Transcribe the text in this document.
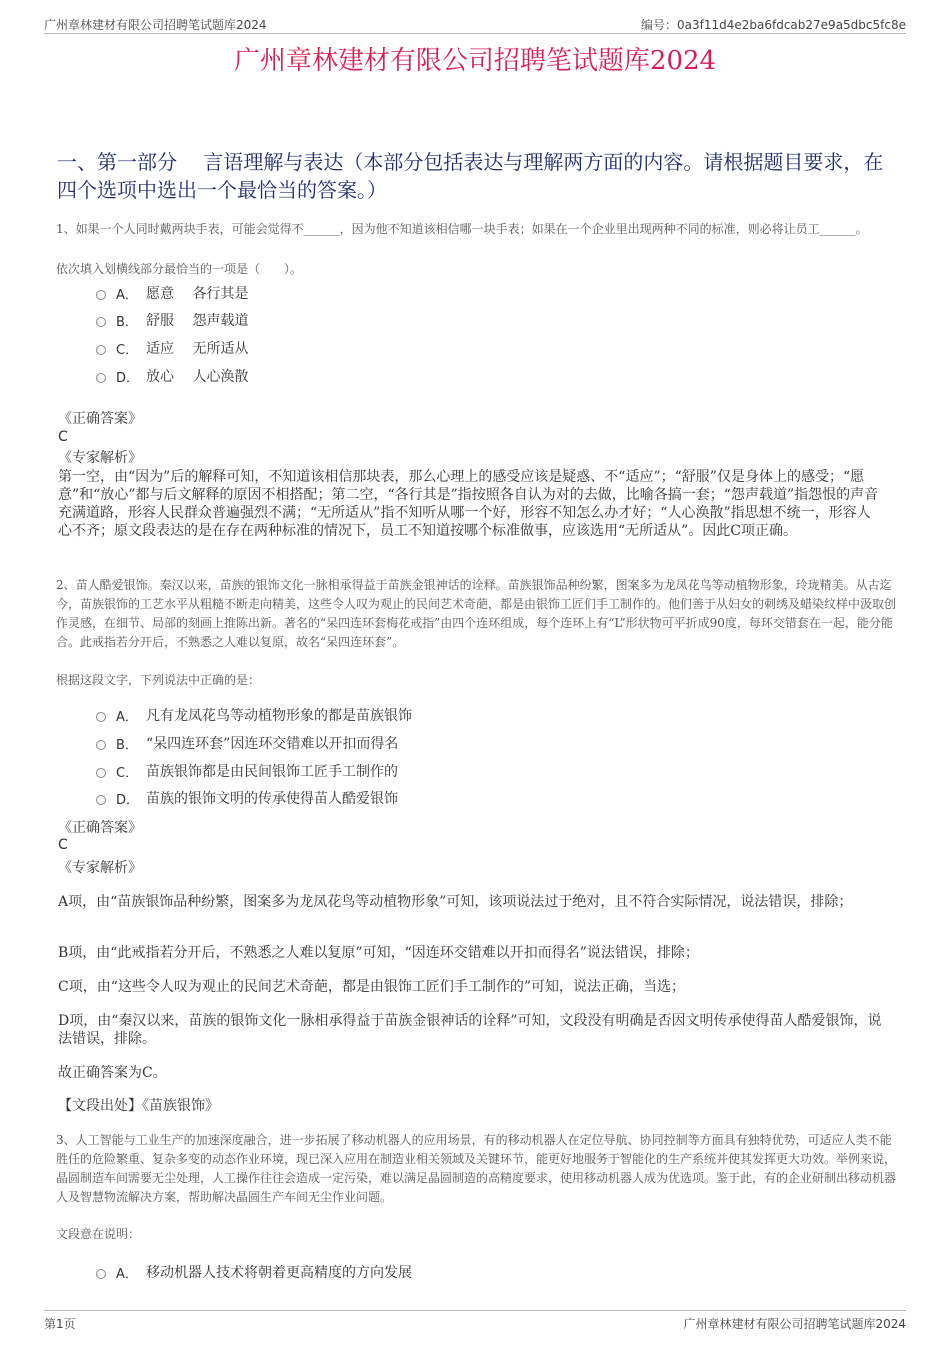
广州章林建材有限公司招聘笔试题库2024	编号：0a3f11d4e2ba6fdcab27e9a5dbc5fc8e
广州章林建材有限公司招聘笔试题库2024
一、第一部分　 言语理解与表达（本部分包括表达与理解两方面的内容。请根据题目要求，在四个选项中选出一个最恰当的答案。）
1、如果一个人同时戴两块手表，可能会觉得不______，因为他不知道该相信哪一块手表；如果在一个企业里出现两种不同的标准，则必将让员工______。
依次填入划横线部分最恰当的一项是（　　）。
A． 愿意　 各行其是
B． 舒服　 怨声载道
C． 适应　 无所适从
D． 放心　 人心涣散
《正确答案》
C
《专家解析》
第一空，由“因为”后的解释可知，不知道该相信那块表，那么心理上的感受应该是疑惑、不“适应”；“舒服”仅是身体上的感受；“愿意”和“放心”都与后文解释的原因不相搭配；第二空，“各行其是”指按照各自认为对的去做，比喻各搞一套；“怨声载道”指怨恨的声音充满道路，形容人民群众普遍强烈不满；“无所适从”指不知听从哪一个好，形容不知怎么办才好；“人心涣散”指思想不统一，形容人心不齐；原文段表达的是在存在两种标准的情况下，员工不知道按哪个标准做事，应该选用“无所适从”。因此C项正确。
2、苗人酷爱银饰。秦汉以来，苗族的银饰文化一脉相承得益于苗族金银神话的诠释。苗族银饰品种纷繁，图案多为龙凤花鸟等动植物形象，玲珑精美。从古迄今，苗族银饰的工艺水平从粗糙不断走向精美，这些令人叹为观止的民间艺术奇葩，都是由银饰工匠们手工制作的。他们善于从妇女的刺绣及蜡染纹样中汲取创作灵感，在细节、局部的刻画上推陈出新。著名的“呆四连环套梅花戒指”由四个连环组成，每个连环上有“L”形状物可平折成90度，每环交错套在一起，能分能合。此戒指若分开后，不熟悉之人难以复原，故名“呆四连环套”。
根据这段文字，下列说法中正确的是：
A． 凡有龙凤花鸟等动植物形象的都是苗族银饰
B． “呆四连环套”因连环交错难以开扣而得名
C． 苗族银饰都是由民间银饰工匠手工制作的
D． 苗族的银饰文明的传承使得苗人酷爱银饰
《正确答案》
C
《专家解析》
A项，由“苗族银饰品种纷繁，图案多为龙凤花鸟等动植物形象”可知，该项说法过于绝对，且不符合实际情况，说法错误，排除；
B项，由“此戒指若分开后，不熟悉之人难以复原”可知，“因连环交错难以开扣而得名”说法错误，排除；
C项，由“这些令人叹为观止的民间艺术奇葩，都是由银饰工匠们手工制作的”可知，说法正确，当选；
D项，由“秦汉以来，苗族的银饰文化一脉相承得益于苗族金银神话的诠释”可知，文段没有明确是否因文明传承使得苗人酷爱银饰，说法错误，排除。
故正确答案为C。
【文段出处】《苗族银饰》
3、人工智能与工业生产的加速深度融合，进一步拓展了移动机器人的应用场景，有的移动机器人在定位导航、协同控制等方面具有独特优势，可适应人类不能胜任的危险繁重、复杂多变的动态作业环境，现已深入应用在制造业相关领域及关键环节，能更好地服务于智能化的生产系统并使其发挥更大功效。举例来说，晶圆制造车间需要无尘处理，人工操作往往会造成一定污染，难以满足晶圆制造的高精度要求，使用移动机器人成为优选项。鉴于此，有的企业研制出移动机器人及智慧物流解决方案，帮助解决晶圆生产车间无尘作业问题。
文段意在说明：
A． 移动机器人技术将朝着更高精度的方向发展
第1页	广州章林建材有限公司招聘笔试题库2024
